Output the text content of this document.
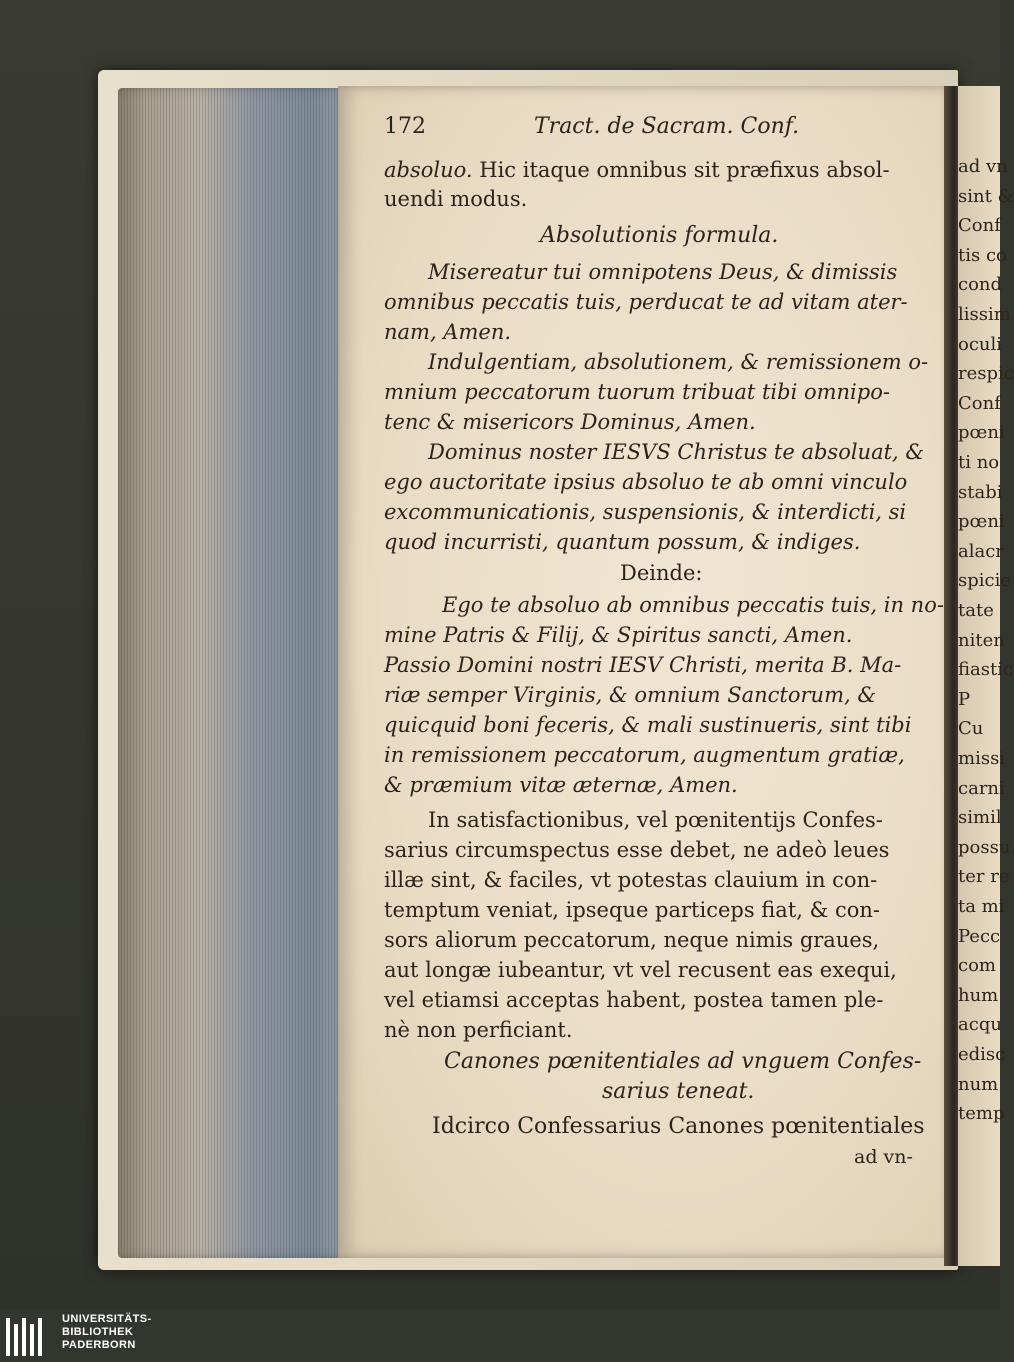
ad vn
sint &
Conf
tis co
cond
lissim
oculi
respic
Conf
pœni
ti no
stabi
pœni
alacr
spicie
tate
niten
fiastic
P
Cu
missi
carni
simil
possu
ter re
ta mi
Pecc
com
hum
acqu
edisc
num
temp
172	Tract. de Sacram. Conf.
absoluo. Hic itaque omnibus sit præfixus absol-
uendi modus.
Absolutionis formula.
Misereatur tui omnipotens Deus, & dimissis
omnibus peccatis tuis, perducat te ad vitam ater-
nam, Amen.
Indulgentiam, absolutionem, & remissionem o-
mnium peccatorum tuorum tribuat tibi omnipo-
tenc & misericors Dominus, Amen.
Dominus noster IESVS Christus te absoluat, &
ego auctoritate ipsius absoluo te ab omni vinculo
excommunicationis, suspensionis, & interdicti, si
quod incurristi, quantum possum, & indiges.
Deinde:
Ego te absoluo ab omnibus peccatis tuis, in no-
mine Patris & Filij, & Spiritus sancti, Amen.
Passio Domini nostri IESV Christi, merita B. Ma-
riæ semper Virginis, & omnium Sanctorum, &
quicquid boni feceris, & mali sustinueris, sint tibi
in remissionem peccatorum, augmentum gratiæ,
& præmium vitæ æternæ, Amen.
In satisfactionibus, vel pœnitentijs Confes-
sarius circumspectus esse debet, ne adeò leues
illæ sint, & faciles, vt potestas clauium in con-
temptum veniat, ipseque particeps fiat, & con-
sors aliorum peccatorum, neque nimis graues,
aut longæ iubeantur, vt vel recusent eas exequi,
vel etiamsi acceptas habent, postea tamen ple-
nè non perficiant.
Canones pœnitentiales ad vnguem Confes-
sarius teneat.
Idcirco Confessarius Canones pœnitentiales
ad vn-
UNIVERSITÄTS-
BIBLIOTHEK
PADERBORN
